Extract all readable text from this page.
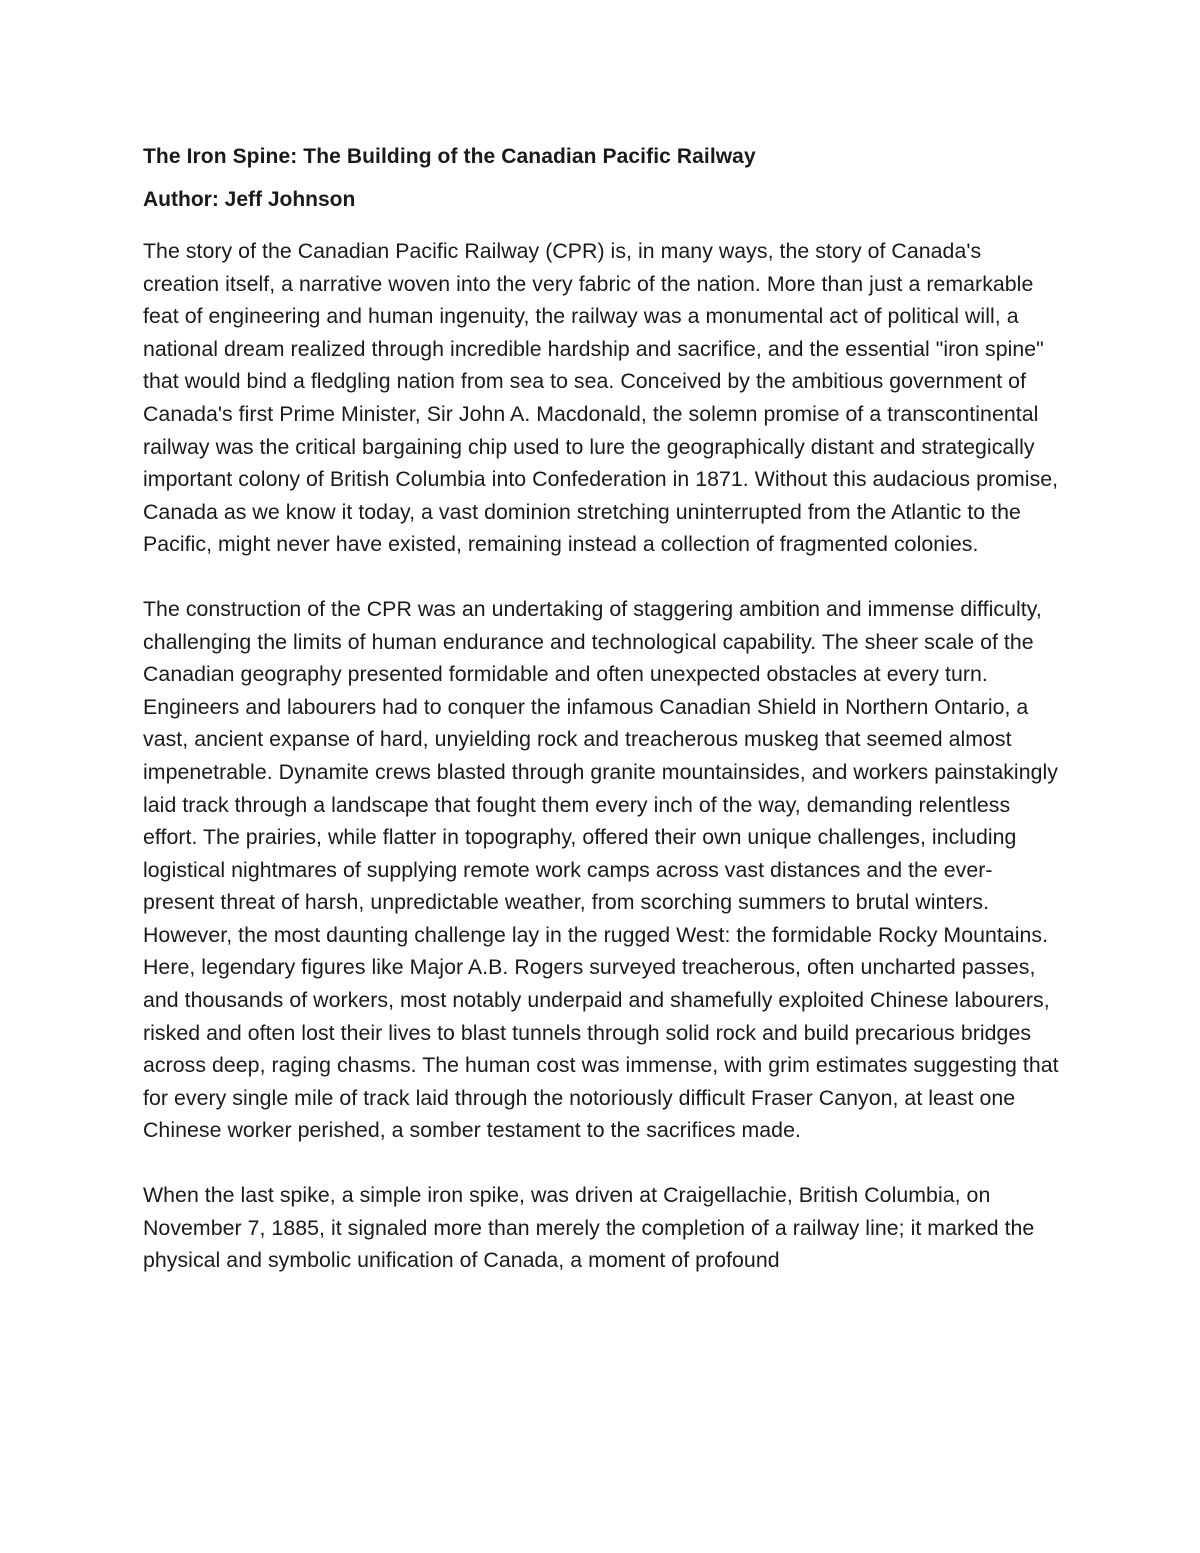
The Iron Spine: The Building of the Canadian Pacific Railway

Author: Jeff Johnson

The story of the Canadian Pacific Railway (CPR) is, in many ways, the story of Canada's creation itself, a narrative woven into the very fabric of the nation. More than just a remarkable feat of engineering and human ingenuity, the railway was a monumental act of political will, a national dream realized through incredible hardship and sacrifice, and the essential "iron spine" that would bind a fledgling nation from sea to sea. Conceived by the ambitious government of Canada's first Prime Minister, Sir John A. Macdonald, the solemn promise of a transcontinental railway was the critical bargaining chip used to lure the geographically distant and strategically important colony of British Columbia into Confederation in 1871. Without this audacious promise, Canada as we know it today, a vast dominion stretching uninterrupted from the Atlantic to the Pacific, might never have existed, remaining instead a collection of fragmented colonies.

The construction of the CPR was an undertaking of staggering ambition and immense difficulty, challenging the limits of human endurance and technological capability. The sheer scale of the Canadian geography presented formidable and often unexpected obstacles at every turn. Engineers and labourers had to conquer the infamous Canadian Shield in Northern Ontario, a vast, ancient expanse of hard, unyielding rock and treacherous muskeg that seemed almost impenetrable. Dynamite crews blasted through granite mountainsides, and workers painstakingly laid track through a landscape that fought them every inch of the way, demanding relentless effort. The prairies, while flatter in topography, offered their own unique challenges, including logistical nightmares of supplying remote work camps across vast distances and the ever-present threat of harsh, unpredictable weather, from scorching summers to brutal winters. However, the most daunting challenge lay in the rugged West: the formidable Rocky Mountains. Here, legendary figures like Major A.B. Rogers surveyed treacherous, often uncharted passes, and thousands of workers, most notably underpaid and shamefully exploited Chinese labourers, risked and often lost their lives to blast tunnels through solid rock and build precarious bridges across deep, raging chasms. The human cost was immense, with grim estimates suggesting that for every single mile of track laid through the notoriously difficult Fraser Canyon, at least one Chinese worker perished, a somber testament to the sacrifices made.

When the last spike, a simple iron spike, was driven at Craigellachie, British Columbia, on November 7, 1885, it signaled more than merely the completion of a railway line; it marked the physical and symbolic unification of Canada, a moment of profound
